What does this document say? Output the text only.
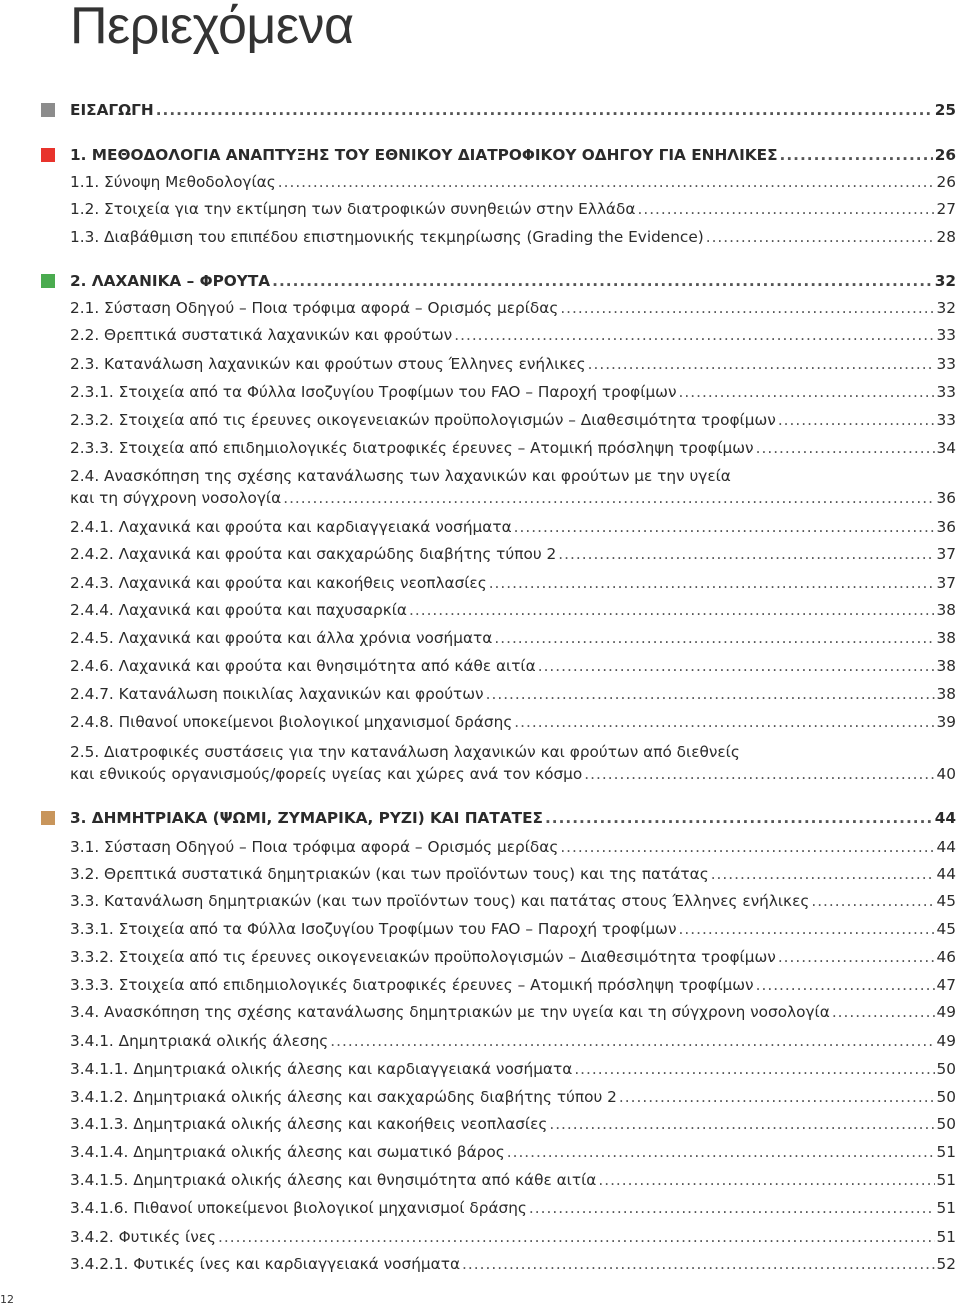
Περιεχόμενα
ΕΙΣΑΓΩΓΗ .....	25
1. ΜΕΘΟΔΟΛΟΓΙΑ ΑΝΑΠΤΥΞΗΣ ΤΟΥ ΕΘΝΙΚΟΥ ΔΙΑΤΡΟΦΙΚΟΥ ΟΔΗΓΟΥ ΓΙΑ ΕΝΗΛΙΚΕΣ .....	26
1.1. Σύνοψη Μεθοδολογίας .....	26
1.2. Στοιχεία για την εκτίμηση των διατροφικών συνηθειών στην Ελλάδα .....	27
1.3. Διαβάθμιση του επιπέδου επιστημονικής τεκμηρίωσης (Grading the Evidence) .....	28
2. ΛΑΧΑΝΙΚΑ – ΦΡΟΥΤΑ .....	32
2.1. Σύσταση Οδηγού – Ποια τρόφιμα αφορά – Ορισμός μερίδας .....	32
2.2. Θρεπτικά συστατικά λαχανικών και φρούτων .....	33
2.3. Κατανάλωση λαχανικών και φρούτων στους Έλληνες ενήλικες .....	33
2.3.1. Στοιχεία από τα Φύλλα Ισοζυγίου Τροφίμων του FAO – Παροχή τροφίμων .....	33
2.3.2. Στοιχεία από τις έρευνες οικογενειακών προϋπολογισμών – Διαθεσιμότητα τροφίμων .....	33
2.3.3. Στοιχεία από επιδημιολογικές διατροφικές έρευνες – Ατομική πρόσληψη τροφίμων .....	34
2.4. Ανασκόπηση της σχέσης κατανάλωσης των λαχανικών και φρούτων με την υγεία
και τη σύγχρονη νοσολογία .....	36
2.4.1. Λαχανικά και φρούτα και καρδιαγγειακά νοσήματα .....	36
2.4.2. Λαχανικά και φρούτα και σακχαρώδης διαβήτης τύπου 2 .....	37
2.4.3. Λαχανικά και φρούτα και κακοήθεις νεοπλασίες .....	37
2.4.4. Λαχανικά και φρούτα και παχυσαρκία .....	38
2.4.5. Λαχανικά και φρούτα και άλλα χρόνια νοσήματα .....	38
2.4.6. Λαχανικά και φρούτα και θνησιμότητα από κάθε αιτία .....	38
2.4.7. Κατανάλωση ποικιλίας λαχανικών και φρούτων .....	38
2.4.8. Πιθανοί υποκείμενοι βιολογικοί μηχανισμοί δράσης .....	39
2.5. Διατροφικές συστάσεις για την κατανάλωση λαχανικών και φρούτων από διεθνείς
και εθνικούς οργανισμούς/φορείς υγείας και χώρες ανά τον κόσμο .....	40
3. ΔΗΜΗΤΡΙΑΚΑ (ΨΩΜΙ, ΖΥΜΑΡΙΚΑ, ΡΥΖΙ) ΚΑΙ ΠΑΤΑΤΕΣ .....	44
3.1. Σύσταση Οδηγού – Ποια τρόφιμα αφορά – Ορισμός μερίδας .....	44
3.2. Θρεπτικά συστατικά δημητριακών (και των προϊόντων τους) και της πατάτας .....	44
3.3. Κατανάλωση δημητριακών (και των προϊόντων τους) και πατάτας στους Έλληνες ενήλικες .....	45
3.3.1. Στοιχεία από τα Φύλλα Ισοζυγίου Τροφίμων του FAO – Παροχή τροφίμων .....	45
3.3.2. Στοιχεία από τις έρευνες οικογενειακών προϋπολογισμών – Διαθεσιμότητα τροφίμων .....	46
3.3.3. Στοιχεία από επιδημιολογικές διατροφικές έρευνες – Ατομική πρόσληψη τροφίμων .....	47
3.4. Ανασκόπηση της σχέσης κατανάλωσης δημητριακών με την υγεία και τη σύγχρονη νοσολογία .....	49
3.4.1. Δημητριακά ολικής άλεσης .....	49
3.4.1.1. Δημητριακά ολικής άλεσης και καρδιαγγειακά νοσήματα .....	50
3.4.1.2. Δημητριακά ολικής άλεσης και σακχαρώδης διαβήτης τύπου 2 .....	50
3.4.1.3. Δημητριακά ολικής άλεσης και κακοήθεις νεοπλασίες .....	50
3.4.1.4. Δημητριακά ολικής άλεσης και σωματικό βάρος .....	51
3.4.1.5. Δημητριακά ολικής άλεσης και θνησιμότητα από κάθε αιτία .....	51
3.4.1.6. Πιθανοί υποκείμενοι βιολογικοί μηχανισμοί δράσης .....	51
3.4.2. Φυτικές ίνες .....	51
3.4.2.1. Φυτικές ίνες και καρδιαγγειακά νοσήματα .....	52
12
